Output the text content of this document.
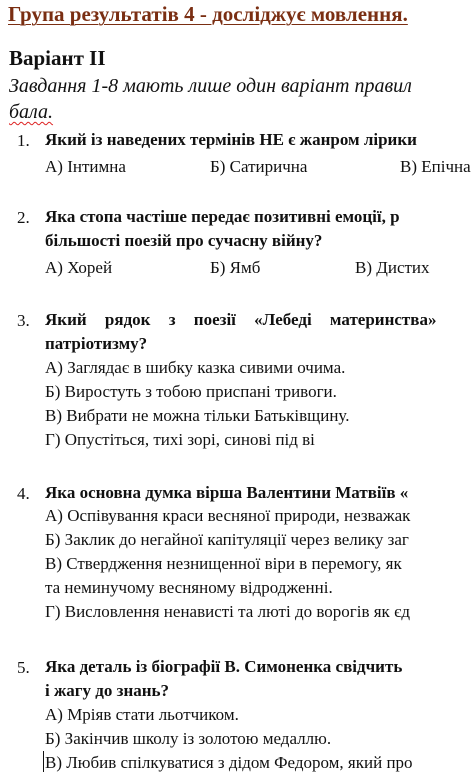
Група результатів 4 - досліджує мовлення.
Варіант ІІ
Завдання 1-8 мають лише один варіант правил
бала.
1. Який із наведених термінів НЕ є жанром лірики
А) Інтимна	Б) Сатирична	В) Епічна
2. Яка стопа частіше передає позитивні емоції, р
більшості поезій про сучасну війну?
А) Хорей	Б) Ямб	В) Дистих
3. Який рядок з поезії «Лебеді материнства»
патріотизму?
А) Заглядає в шибку казка сивими очима.
Б) Виростуть з тобою приспані тривоги.
В) Вибрати не можна тільки Батьківщину.
Г) Опустіться, тихі зорі, синові під ві
4. Яка основна думка вірша Валентини Матвіїв «
А) Оспівування краси весняної природи, незважак
Б) Заклик до негайної капітуляції через велику заг
В) Ствердження незнищенної віри в перемогу, як
та неминучому весняному відродженні.
Г) Висловлення ненависті та люті до ворогів як єд
5. Яка деталь із біографії В. Симоненка свідчить
і жагу до знань?
А) Мріяв стати льотчиком.
Б) Закінчив школу із золотою медаллю.
В) Любив спілкуватися з дідом Федором, який про
